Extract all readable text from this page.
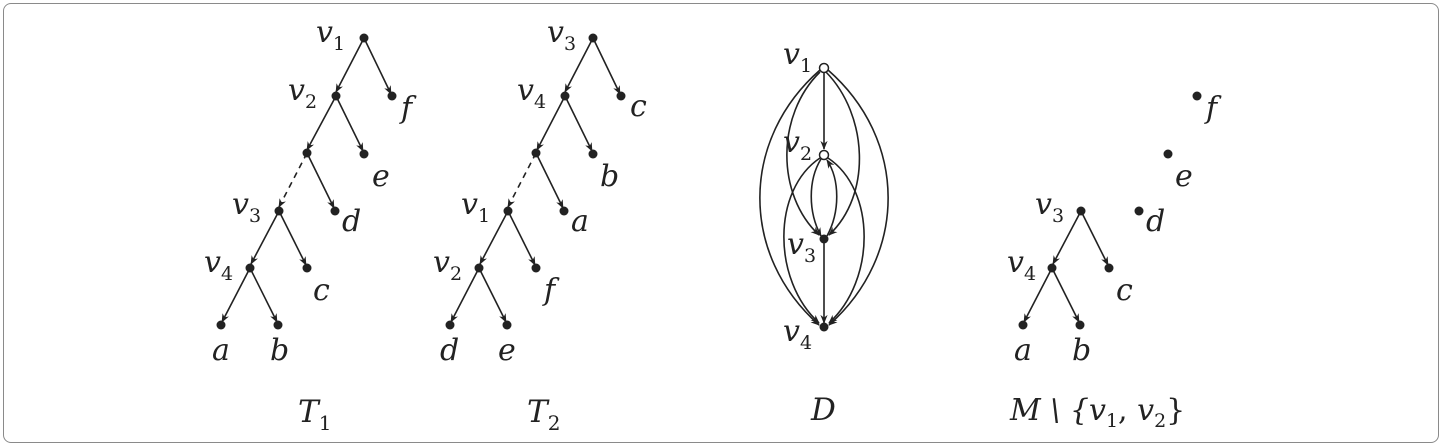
$v_1$
$v_2$
$v_3$
$v_4$
f
e
d
c
a b
$T_1$
$v_3$
$v_4$
$v_1$
$v_2$
c
b
a
f
d e
$T_2$
$v_1$
$v_2$
$v_3$
$v_4$
D
$v_3$
$v_4$	c
a b
f
e
d
M \ {$v_1$, $v_2$}
